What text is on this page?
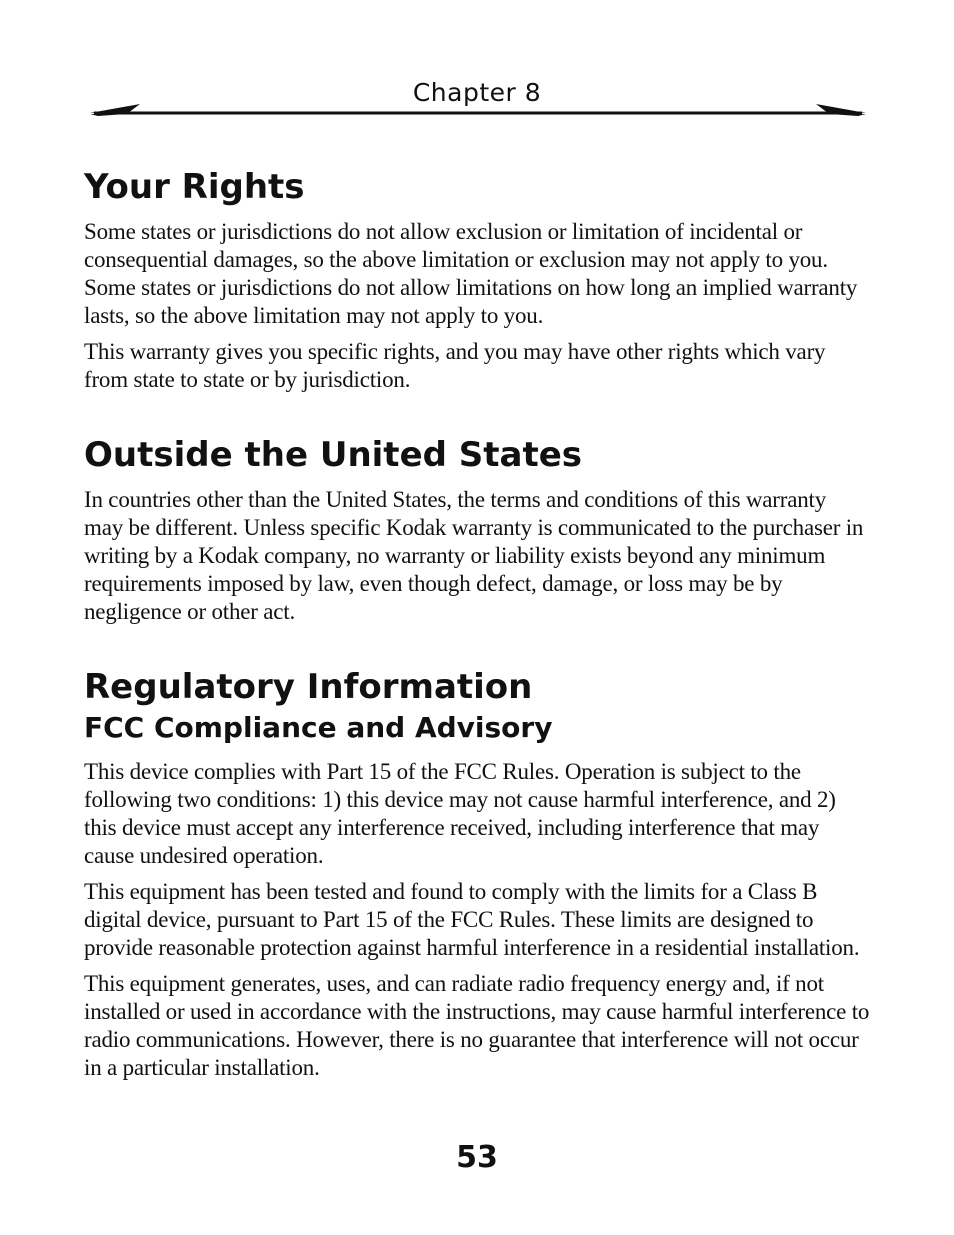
Chapter 8
Your Rights

Some states or jurisdictions do not allow exclusion or limitation of incidental or consequential damages, so the above limitation or exclusion may not apply to you. Some states or jurisdictions do not allow limitations on how long an implied warranty lasts, so the above limitation may not apply to you.

This warranty gives you specific rights, and you may have other rights which vary from state to state or by jurisdiction.

Outside the United States

In countries other than the United States, the terms and conditions of this warranty may be different. Unless specific Kodak warranty is communicated to the purchaser in writing by a Kodak company, no warranty or liability exists beyond any minimum requirements imposed by law, even though defect, damage, or loss may be by negligence or other act.

Regulatory Information
FCC Compliance and Advisory

This device complies with Part 15 of the FCC Rules. Operation is subject to the following two conditions: 1) this device may not cause harmful interference, and 2) this device must accept any interference received, including interference that may cause undesired operation.

This equipment has been tested and found to comply with the limits for a Class B digital device, pursuant to Part 15 of the FCC Rules. These limits are designed to provide reasonable protection against harmful interference in a residential installation.

This equipment generates, uses, and can radiate radio frequency energy and, if not installed or used in accordance with the instructions, may cause harmful interference to radio communications. However, there is no guarantee that interference will not occur in a particular installation.

53
